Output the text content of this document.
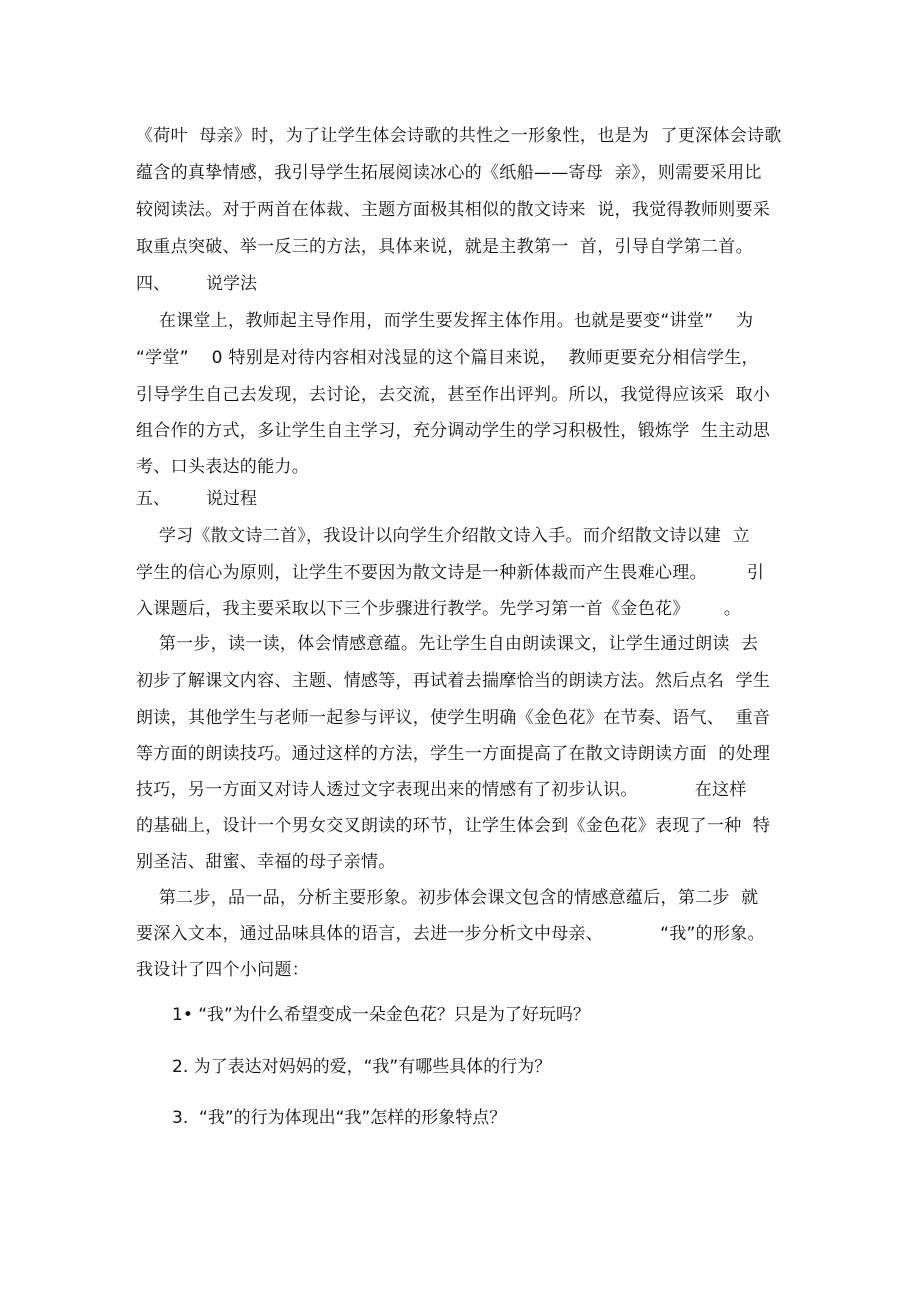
《荷叶  母亲》时，为了让学生体会诗歌的共性之一形象性，也是为  了更深体会诗歌
蕴含的真挚情感，我引导学生拓展阅读冰心的《纸船——寄母  亲》，则需要采用比
较阅读法。对于两首在体裁、主题方面极其相似的散文诗来  说，我觉得教师则要采
取重点突破、举一反三的方法，具体来说，就是主教第一  首，引导自学第二首。
四、 说学法
在课堂上，教师起主导作用，而学生要发挥主体作用。也就是要变“讲堂”    为
“学堂”    0 特别是对待内容相对浅显的这个篇目来说，  教师更要充分相信学生，
引导学生自己去发现，去讨论，去交流，甚至作出评判。所以，我觉得应该采  取小
组合作的方式，多让学生自主学习，充分调动学生的学习积极性，锻炼学  生主动思
考、口头表达的能力。
五、 说过程
学习《散文诗二首》，我设计以向学生介绍散文诗入手。而介绍散文诗以建  立
学生的信心为原则，让学生不要因为散文诗是一种新体裁而产生畏难心理。       引
入课题后，我主要采取以下三个步骤进行教学。先学习第一首《金色花》      。
第一步，读一读，体会情感意蕴。先让学生自由朗读课文，让学生通过朗读  去
初步了解课文内容、主题、情感等，再试着去揣摩恰当的朗读方法。然后点名  学生
朗读，其他学生与老师一起参与评议，使学生明确《金色花》在节奏、语气、  重音
等方面的朗读技巧。通过这样的方法，学生一方面提高了在散文诗朗读方面  的处理
技巧，另一方面又对诗人透过文字表现出来的情感有了初步认识。          在这样
的基础上，设计一个男女交叉朗读的环节，让学生体会到《金色花》表现了一种  特
别圣洁、甜蜜、幸福的母子亲情。
第二步，品一品，分析主要形象。初步体会课文包含的情感意蕴后，第二步  就
要深入文本，通过品味具体的语言，去进一步分析文中母亲、          “我”的形象。
我设计了四个小问题：
1• “我”为什么希望变成一朵金色花？只是为了好玩吗？
2. 为了表达对妈妈的爱，“我”有哪些具体的行为？
3.  “我”的行为体现出“我”怎样的形象特点？
